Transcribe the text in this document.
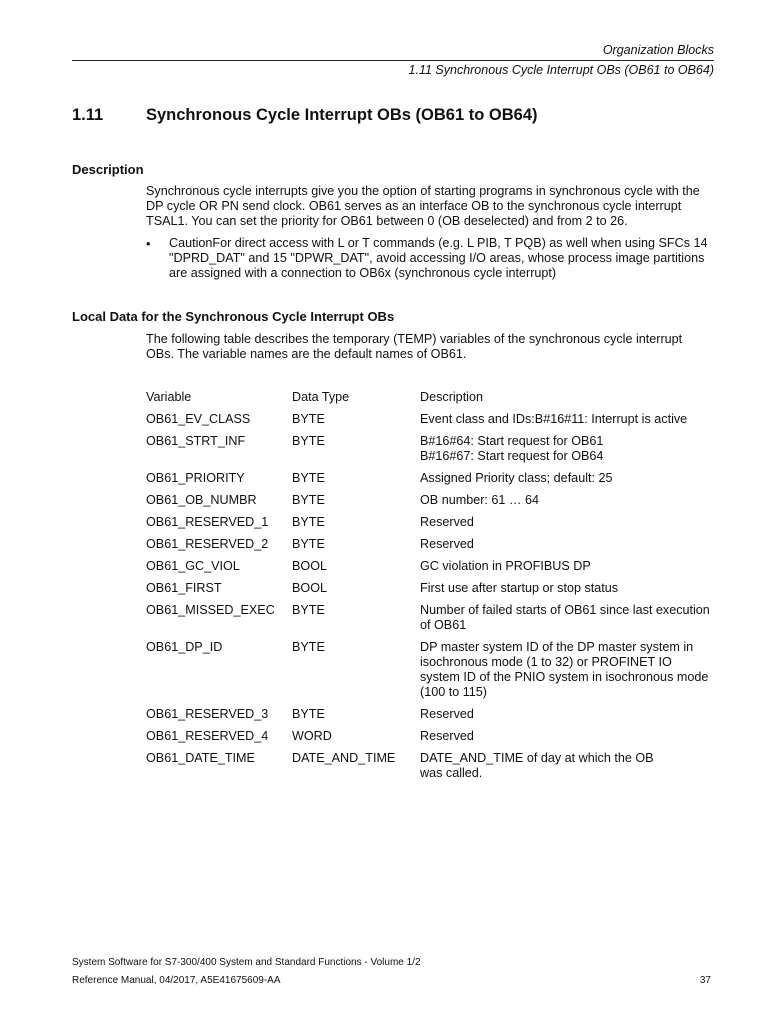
Organization Blocks
1.11 Synchronous Cycle Interrupt OBs (OB61 to OB64)
1.11	Synchronous Cycle Interrupt OBs (OB61 to OB64)
Description
Synchronous cycle interrupts give you the option of starting programs in synchronous cycle with the DP cycle OR PN send clock. OB61 serves as an interface OB to the synchronous cycle interrupt TSAL1. You can set the priority for OB61 between 0 (OB deselected) and from 2 to 26.
• CautionFor direct access with L or T commands (e.g. L PIB, T PQB) as well when using SFCs 14 "DPRD_DAT" and 15 "DPWR_DAT", avoid accessing I/O areas, whose process image partitions are assigned with a connection to OB6x (synchronous cycle interrupt)
Local Data for the Synchronous Cycle Interrupt OBs
The following table describes the temporary (TEMP) variables of the synchronous cycle interrupt OBs. The variable names are the default names of OB61.
Variable	Data Type	Description
OB61_EV_CLASS	BYTE	Event class and IDs:B#16#11: Interrupt is active
OB61_STRT_INF	BYTE	B#16#64: Start request for OB61
B#16#67: Start request for OB64
OB61_PRIORITY	BYTE	Assigned Priority class; default: 25
OB61_OB_NUMBR	BYTE	OB number: 61 … 64
OB61_RESERVED_1	BYTE	Reserved
OB61_RESERVED_2	BYTE	Reserved
OB61_GC_VIOL	BOOL	GC violation in PROFIBUS DP
OB61_FIRST	BOOL	First use after startup or stop status
OB61_MISSED_EXEC	BYTE	Number of failed starts of OB61 since last execution of OB61
OB61_DP_ID	BYTE	DP master system ID of the DP master system in isochronous mode (1 to 32) or PROFINET IO system ID of the PNIO system in isochronous mode (100 to 115)
OB61_RESERVED_3	BYTE	Reserved
OB61_RESERVED_4	WORD	Reserved
OB61_DATE_TIME	DATE_AND_TIME	DATE_AND_TIME of day at which the OB
was called.
System Software for S7-300/400 System and Standard Functions - Volume 1/2
Reference Manual, 04/2017, A5E41675609-AA	37
